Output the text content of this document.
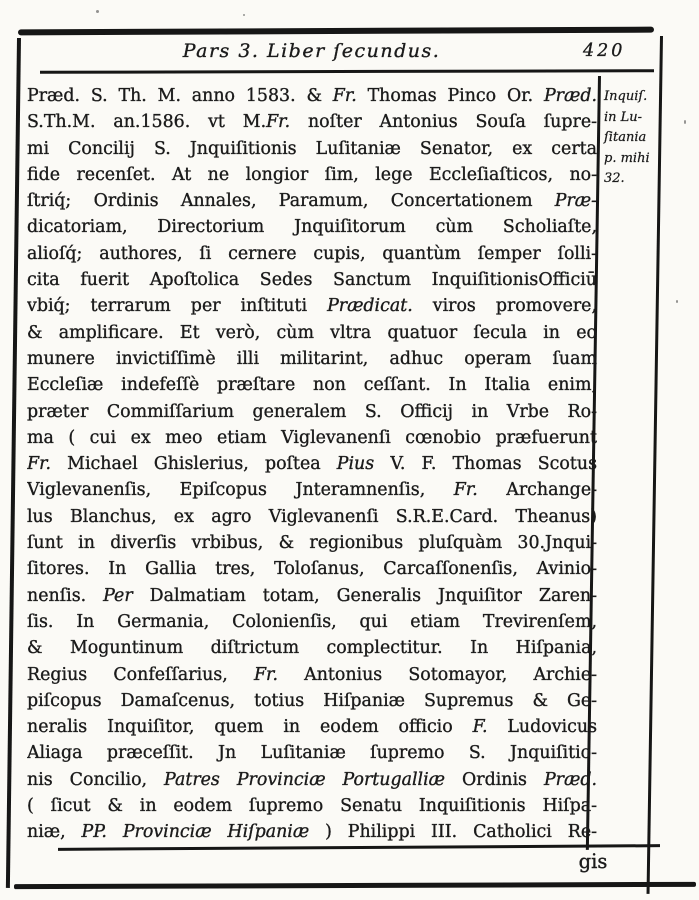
Pars 3. Liber ſecundus.	420
Præd. S. Th. M. anno 1583. & Fr. Thomas Pinco Or. Præd.
S.Th.M. an.1586. vt M.Fr. noſter Antonius Souſa ſupre-
mi Concilij S. Jnquiſitionis Luſitaniæ Senator, ex certa
fide recenſet. At ne longior ſim, lege Eccleſiaſticos, no-
ſtriq́; Ordinis Annales, Paramum, Concertationem Præ-
dicatoriam, Directorium Jnquiſitorum cùm Scholiaſte,
alioſq́; authores, ſi cernere cupis, quantùm ſemper ſolli-
cita fuerit Apoſtolica Sedes Sanctum InquiſitionisOfficiū
vbiq́; terrarum per inſtituti Prædicat. viros promovere,
& amplificare. Et verò, cùm vltra quatuor ſecula in eo
munere invictiſſimè illi militarint, adhuc operam ſuam
Eccleſiæ indefeſſè præſtare non ceſſant. In Italia enim,
præter Commiſſarium generalem S. Officij in Vrbe Ro-
ma ( cui ex meo etiam Viglevanenſi cœnobio præfuerunt
Fr. Michael Ghislerius, poſtea Pius V. F. Thomas Scotus
Viglevanenſis, Epiſcopus Jnteramnenſis, Fr. Archange-
lus Blanchus, ex agro Viglevanenſi S.R.E.Card. Theanus)
ſunt in diverſis vrbibus, & regionibus pluſquàm 30.Jnqui-
ſitores. In Gallia tres, Toloſanus, Carcaſſonenſis, Avinio-
nenſis. Per Dalmatiam totam, Generalis Jnquiſitor Zaren-
ſis. In Germania, Colonienſis, qui etiam Trevirenſem,
& Moguntinum diſtrictum complectitur. In Hiſpania,
Regius Confeſſarius, Fr. Antonius Sotomayor, Archie-
piſcopus Damaſcenus, totius Hiſpaniæ Supremus & Ge-
neralis Inquiſitor, quem in eodem officio F. Ludovicus
Aliaga præceſſit. Jn Luſitaniæ ſupremo S. Jnquiſitio-
nis Concilio, Patres Provinciæ Portugalliæ Ordinis Præd.
( ſicut & in eodem ſupremo Senatu Inquiſitionis Hiſpa-
niæ, PP. Provinciæ Hiſpaniæ ) Philippi III. Catholici Re-
Inquiſ.
in Lu-
ſitania
p. mihi
32.
gis
